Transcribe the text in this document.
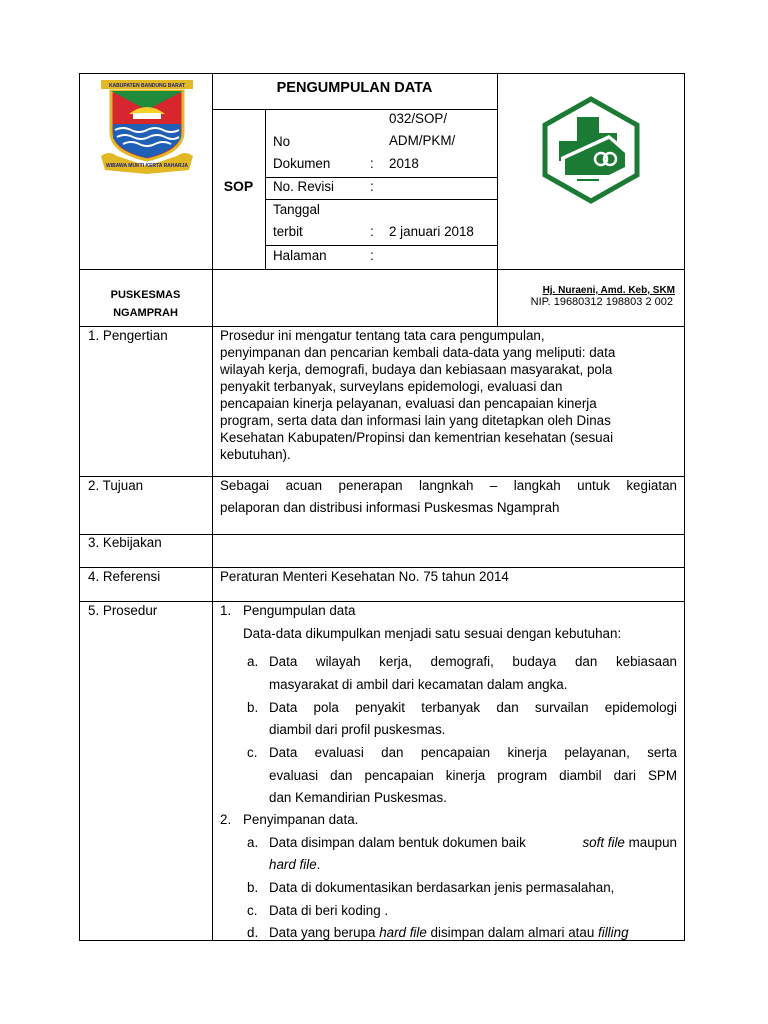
KABUPATEN BANDUNG BARAT
WIBAWA MUKTI KERTA RAHARJA
PENGUMPULAN DATA
SOP
No
Dokumen	:
032/SOP/
ADM/PKM/
2018
No. Revisi	:
Tanggal
terbit	: 2 januari 2018
Halaman	:
PUSKESMAS
NGAMPRAH
Hj. Nuraeni, Amd. Keb, SKM
NIP. 19680312 198803 2 002
1. Pengertian	Prosedur ini mengatur tentang tata cara pengumpulan,
penyimpanan dan pencarian kembali data-data yang meliputi: data
wilayah kerja, demografi, budaya dan kebiasaan masyarakat, pola
penyakit terbanyak, surveylans epidemologi, evaluasi dan
pencapaian kinerja pelayanan, evaluasi dan pencapaian kinerja
program, serta data dan informasi lain yang ditetapkan oleh Dinas
Kesehatan Kabupaten/Propinsi dan kementrian kesehatan (sesuai
kebutuhan).
2. Tujuan	Sebagai acuan penerapan langnkah – langkah untuk kegiatan
pelaporan dan distribusi informasi Puskesmas Ngamprah
3. Kebijakan
4. Referensi	Peraturan Menteri Kesehatan No. 75 tahun 2014
5. Prosedur	1. Pengumpulan data
Data-data dikumpulkan menjadi satu sesuai dengan kebutuhan:
a. Data wilayah kerja, demografi, budaya dan kebiasaan
masyarakat di ambil dari kecamatan dalam angka.
b. Data pola penyakit terbanyak dan survailan epidemologi
diambil dari profil puskesmas.
c. Data evaluasi dan pencapaian kinerja pelayanan, serta
evaluasi dan pencapaian kinerja program diambil dari SPM
dan Kemandirian Puskesmas.
2. Penyimpanan data.
a. Data disimpan dalam bentuk dokumen baik	soft file maupun
hard file.
b. Data di dokumentasikan berdasarkan jenis permasalahan,
c. Data di beri koding .
d. Data yang berupa hard file disimpan dalam almari atau filling
